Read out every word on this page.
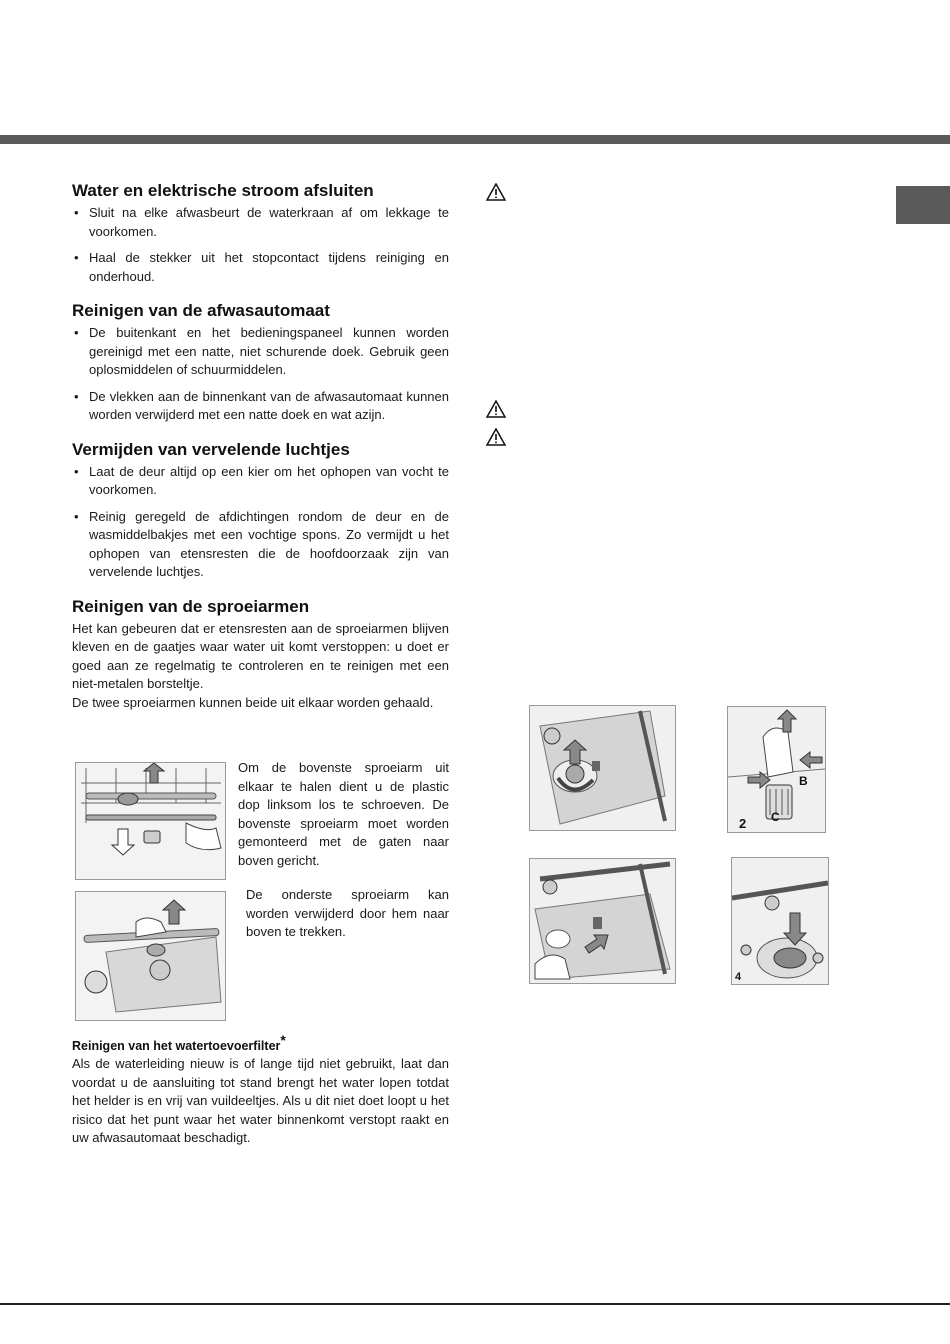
Water en elektrische stroom afsluiten
• Sluit na elke afwasbeurt de waterkraan af om lekkage te voorkomen.
• Haal de stekker uit het stopcontact tijdens reiniging en onderhoud.
Reinigen van de afwasautomaat
• De buitenkant en het bedieningspaneel kunnen worden gereinigd met een natte, niet schurende doek. Gebruik geen oplosmiddelen of schuurmiddelen.
• De vlekken aan de binnenkant van de afwasautomaat kunnen worden verwijderd met een natte doek en wat azijn.
Vermijden van vervelende luchtjes
• Laat de deur altijd op een kier om het ophopen van vocht te voorkomen.
• Reinig geregeld de afdichtingen rondom de deur en de wasmiddelbakjes met een vochtige spons. Zo vermijdt u het ophopen van etensresten die de hoofdoorzaak zijn van vervelende luchtjes.
Reinigen van de sproeiarmen

Het kan gebeuren dat er etensresten aan de sproeiarmen blijven kleven en de gaatjes waar water uit komt verstoppen: u doet er goed aan ze regelmatig te controleren en te reinigen met een niet-metalen borsteltje.

De twee sproeiarmen kunnen beide uit elkaar worden gehaald.

Om de bovenste sproeiarm uit elkaar te halen dient u de plastic dop linksom los te schroeven. De bovenste sproeiarm moet worden gemonteerd met de gaten naar boven gericht.
De onderste sproeiarm kan worden verwijderd door hem naar boven te trekken.
Reinigen van het watertoevoerfilter*

Als de waterleiding nieuw is of lange tijd niet gebruikt, laat dan voordat u de aansluiting tot stand brengt het water lopen totdat het helder is en vrij van vuildeeltjes. Als u dit niet doet loopt u het risico dat het punt waar het water binnenkomt verstopt raakt en uw afwasautomaat beschadigt.

B
C
2
4
